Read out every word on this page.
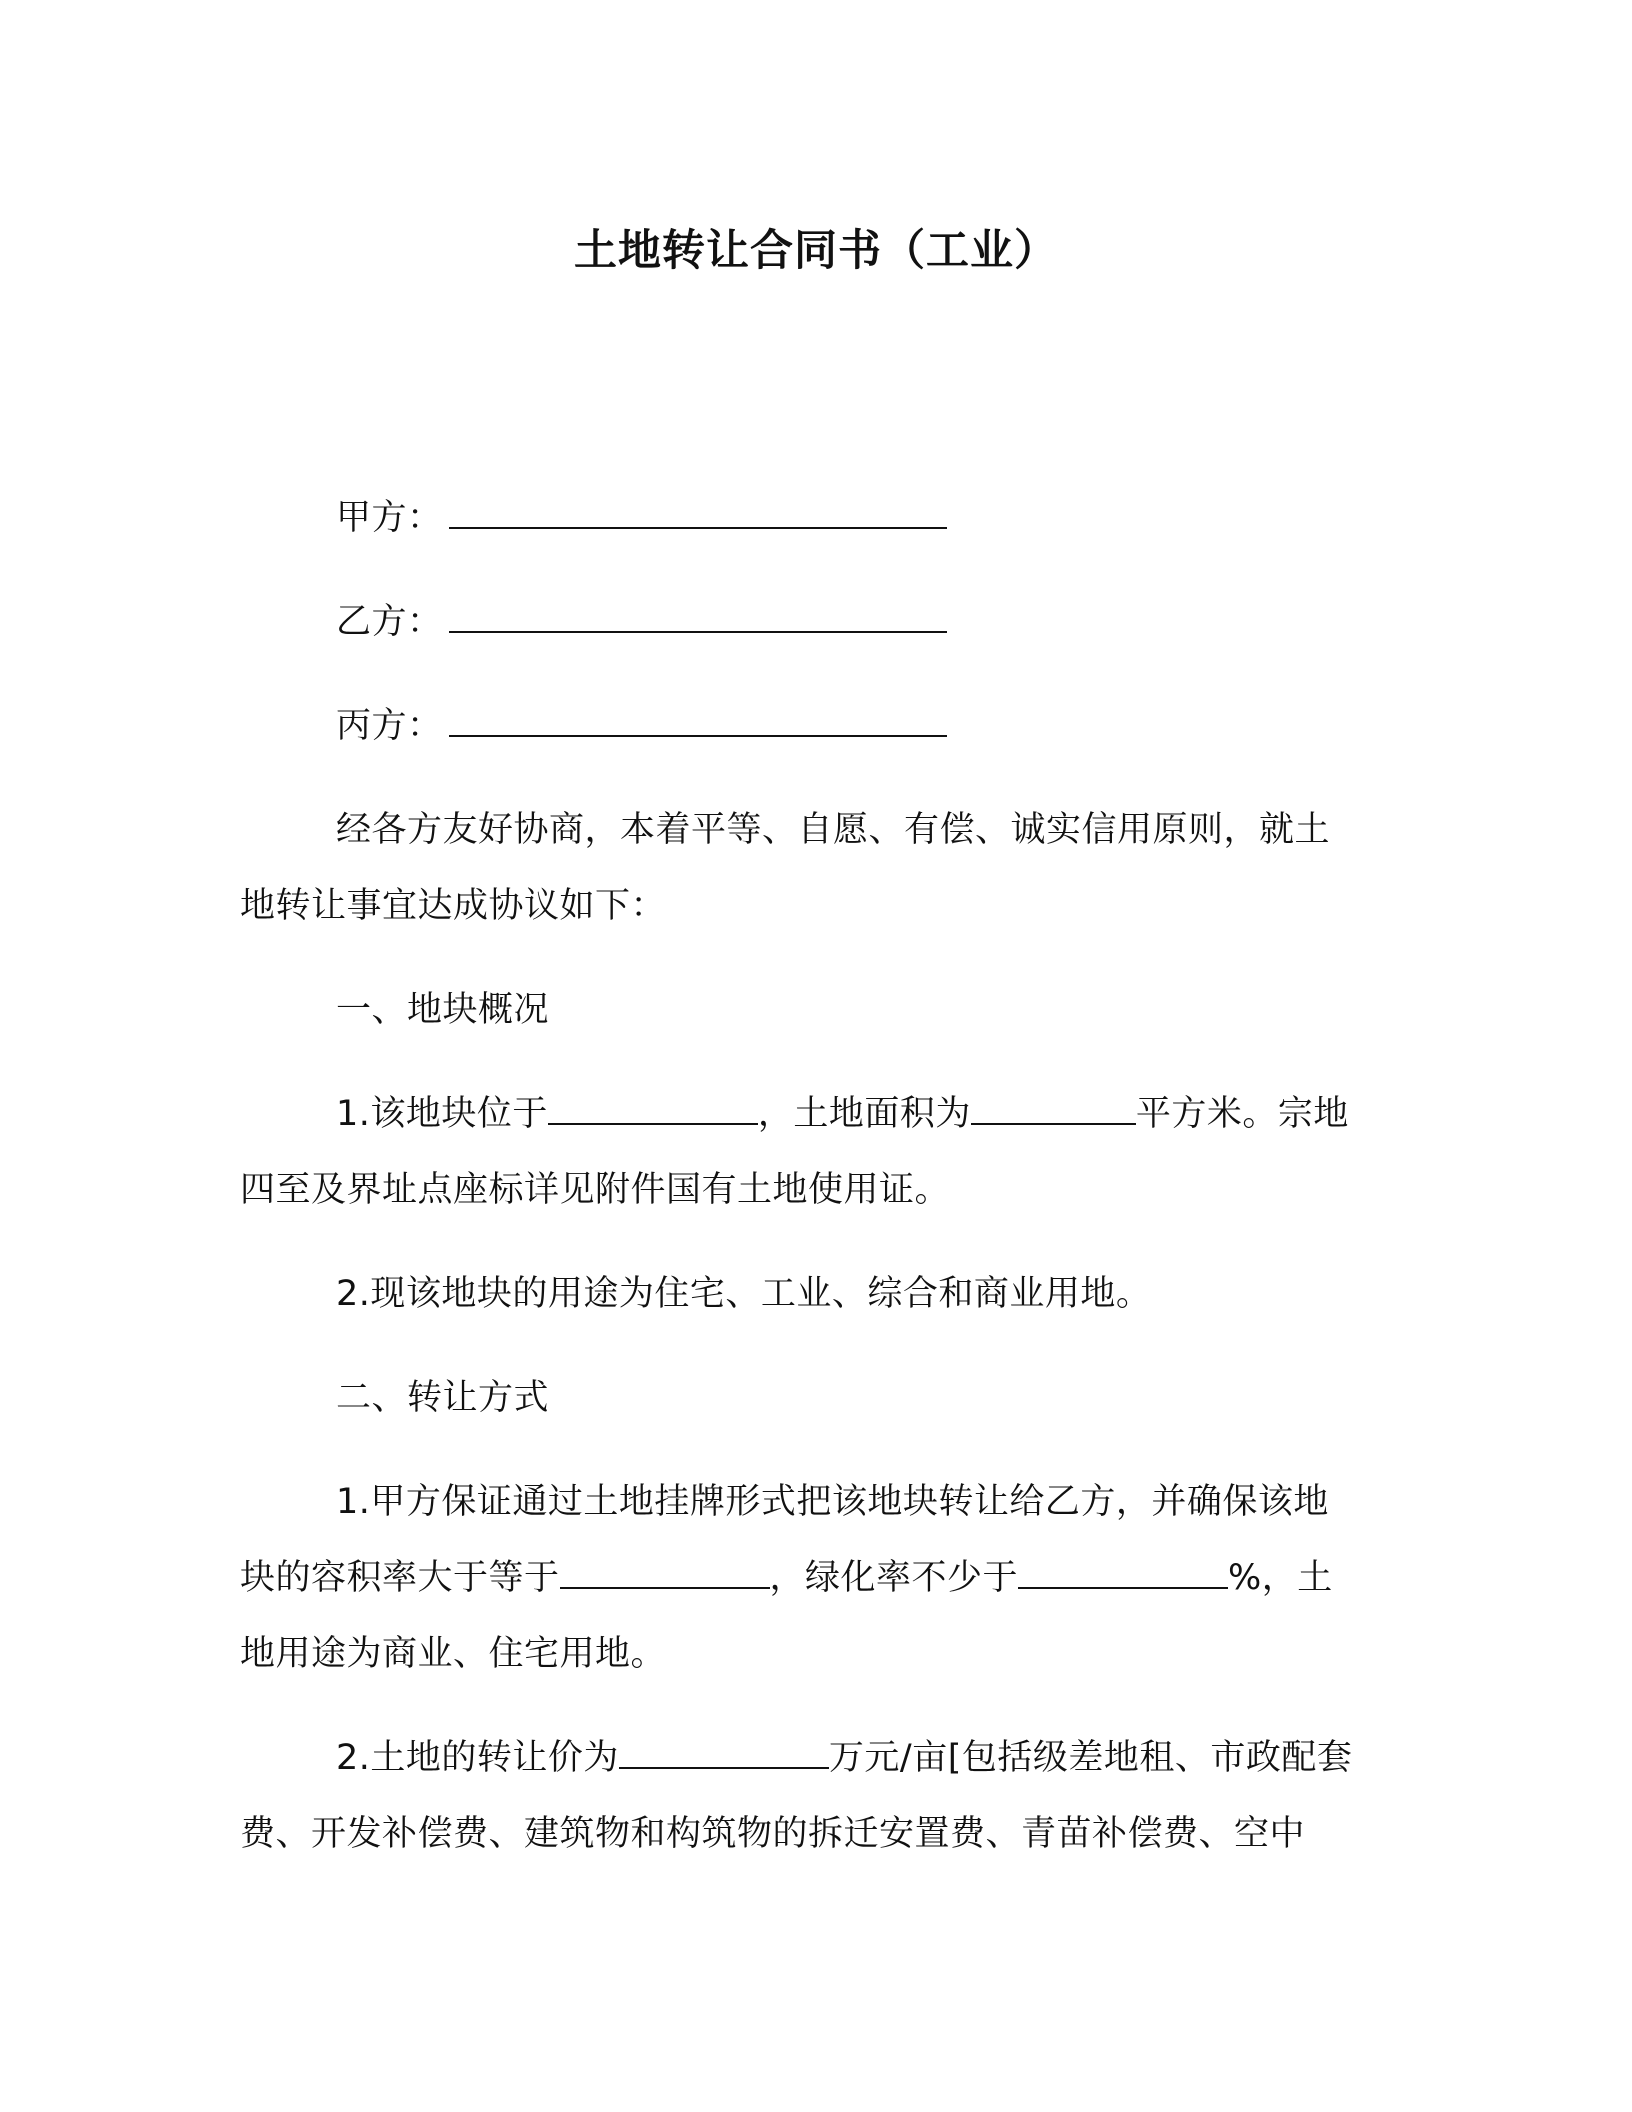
土地转让合同书（工业）
甲方：
乙方：
丙方：
经各方友好协商，本着平等、自愿、有偿、诚实信用原则，就土
地转让事宜达成协议如下：
一、地块概况
1.该地块位于	，土地面积为	平方米。宗地
四至及界址点座标详见附件国有土地使用证。
2.现该地块的用途为住宅、工业、综合和商业用地。
二、转让方式
1.甲方保证通过土地挂牌形式把该地块转让给乙方，并确保该地
块的容积率大于等于	，绿化率不少于	%，土
地用途为商业、住宅用地。
2.土地的转让价为	万元/亩[包括级差地租、市政配套
费、开发补偿费、建筑物和构筑物的拆迁安置费、青苗补偿费、空中
